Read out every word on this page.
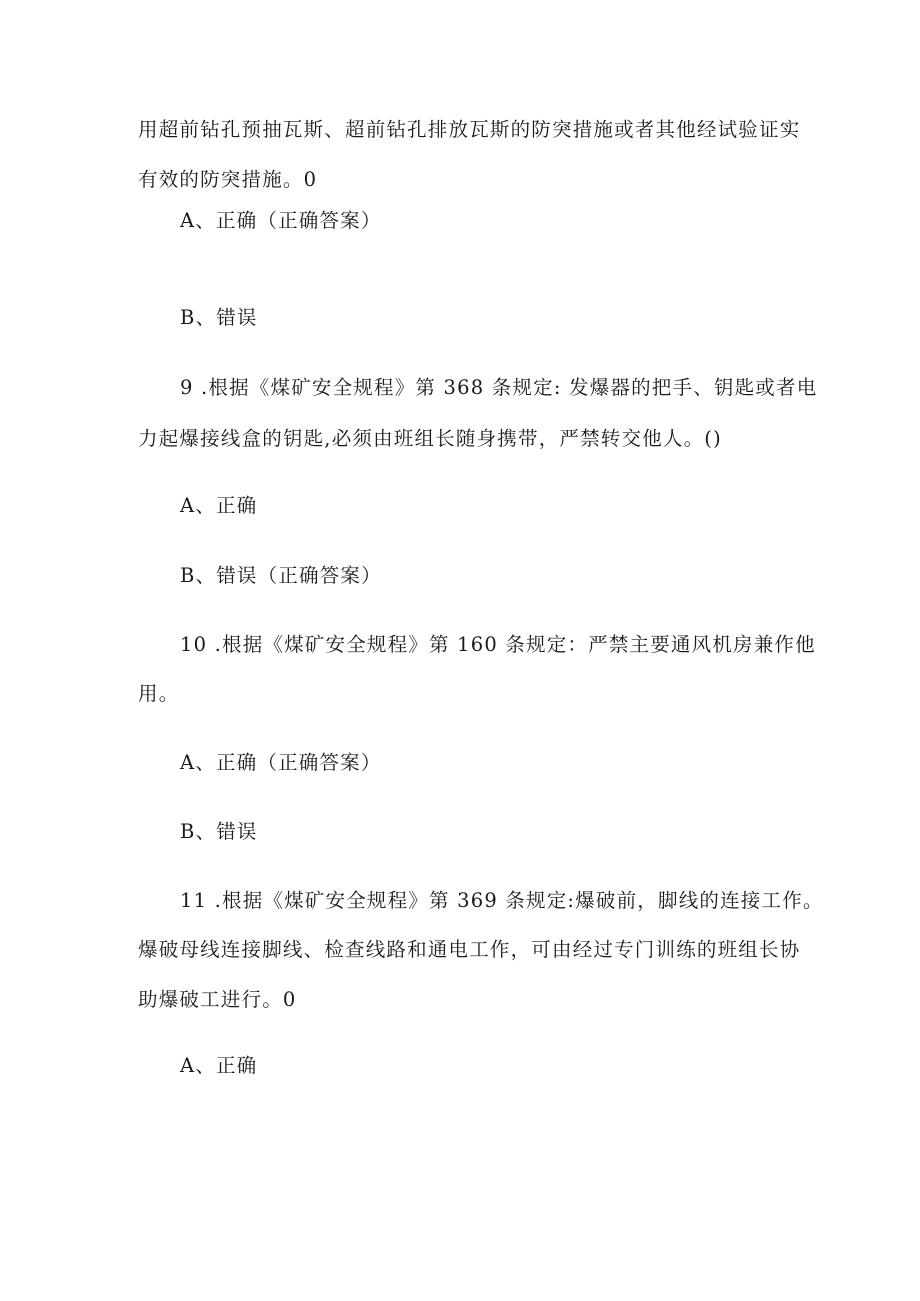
用超前钻孔预抽瓦斯、超前钻孔排放瓦斯的防突措施或者其他经试验证实
有效的防突措施。0
A、正确（正确答案）
B、错误
9 .根据《煤矿安全规程》第 368 条规定: 发爆器的把手、钥匙或者电
力起爆接线盒的钥匙,必须由班组长随身携带，严禁转交他人。()
A、正确
B、错误（正确答案）
10 .根据《煤矿安全规程》第 160 条规定：严禁主要通风机房兼作他
用。
A、正确（正确答案）
B、错误
11 .根据《煤矿安全规程》第 369 条规定:爆破前，脚线的连接工作。
爆破母线连接脚线、检查线路和通电工作，可由经过专门训练的班组长协
助爆破工进行。0
A、正确
